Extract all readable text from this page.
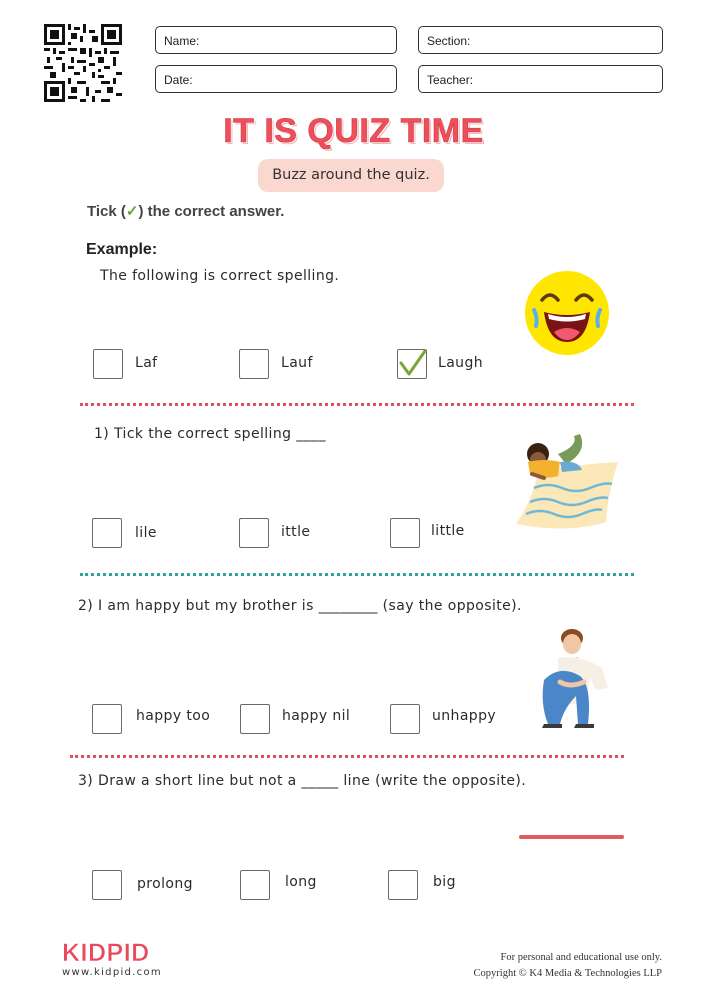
Name:	Section:
Date:	Teacher:
IT IS QUIZ TIME
Buzz around the quiz.
Tick (✓) the correct answer.
Example:
The following is correct spelling.
Laf	Lauf	Laugh
1) Tick the correct spelling ____
lile	ittle	little
2) I am happy but my brother is ________ (say the opposite).
happy too	happy nil	unhappy
3) Draw a short line but not a _____ line (write the opposite).
prolong	long	big
KIDPID
www.kidpid.com
For personal and educational use only.
Copyright © K4 Media & Technologies LLP
